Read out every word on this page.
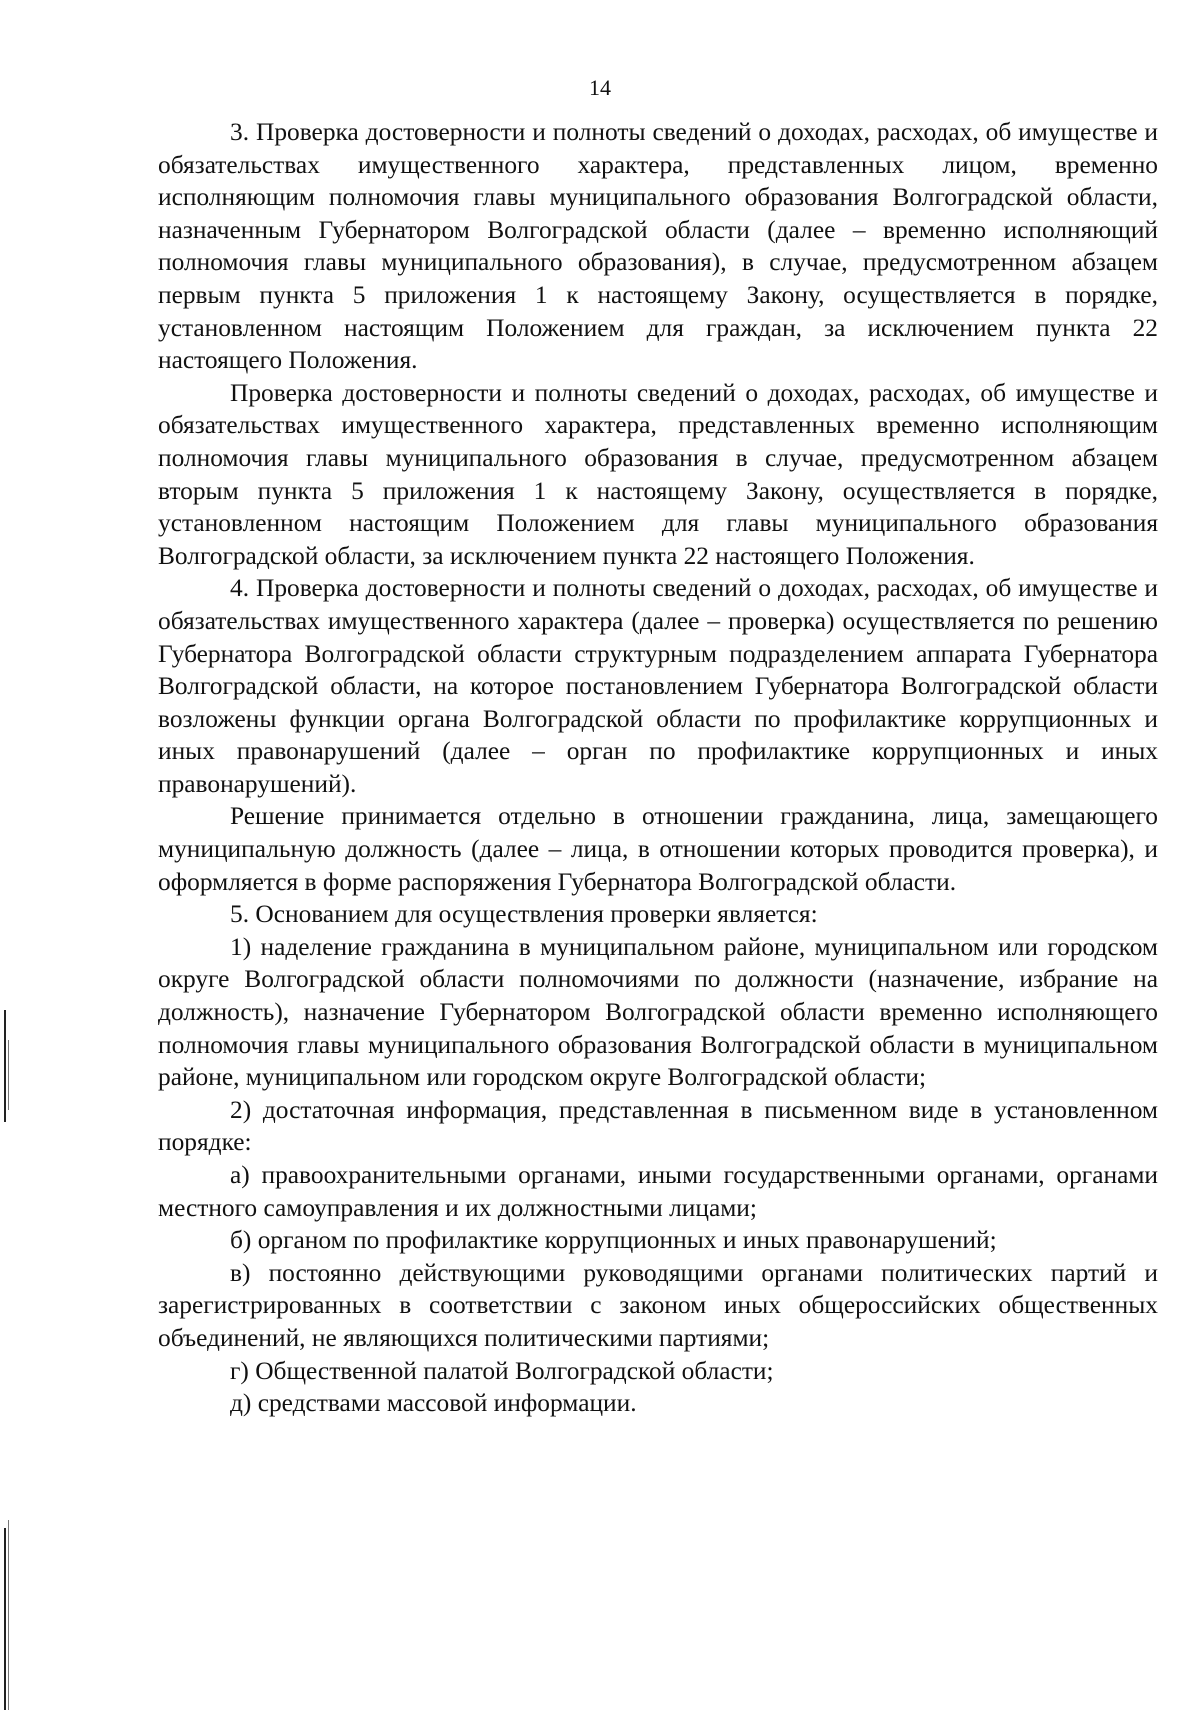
14

3. Проверка достоверности и полноты сведений о доходах, расходах, об имуществе и обязательствах имущественного характера, представленных лицом, временно исполняющим полномочия главы муниципального образования Волгоградской области, назначенным Губернатором Волгоградской области (далее – временно исполняющий полномочия главы муниципального образования), в случае, предусмотренном абзацем первым пункта 5 приложения 1 к настоящему Закону, осуществляется в порядке, установленном настоящим Положением для граждан, за исключением пункта 22 настоящего Положения.

Проверка достоверности и полноты сведений о доходах, расходах, об имуществе и обязательствах имущественного характера, представленных временно исполняющим полномочия главы муниципального образования в случае, предусмотренном абзацем вторым пункта 5 приложения 1 к настоящему Закону, осуществляется в порядке, установленном настоящим Положением для главы муниципального образования Волгоградской области, за исключением пункта 22 настоящего Положения.

4. Проверка достоверности и полноты сведений о доходах, расходах, об имуществе и обязательствах имущественного характера (далее – проверка) осуществляется по решению Губернатора Волгоградской области структурным подразделением аппарата Губернатора Волгоградской области, на которое постановлением Губернатора Волгоградской области возложены функции органа Волгоградской области по профилактике коррупционных и иных правонарушений (далее – орган по профилактике коррупционных и иных правонарушений).

Решение принимается отдельно в отношении гражданина, лица, замещающего муниципальную должность (далее – лица, в отношении которых проводится проверка), и оформляется в форме распоряжения Губернатора Волгоградской области.

5. Основанием для осуществления проверки является:

1) наделение гражданина в муниципальном районе, муниципальном или городском округе Волгоградской области полномочиями по должности (назначение, избрание на должность), назначение Губернатором Волгоградской области временно исполняющего полномочия главы муниципального образования Волгоградской области в муниципальном районе, муниципальном или городском округе Волгоградской области;

2) достаточная информация, представленная в письменном виде в установленном порядке:

а) правоохранительными органами, иными государственными органами, органами местного самоуправления и их должностными лицами;

б) органом по профилактике коррупционных и иных правонарушений;

в) постоянно действующими руководящими органами политических партий и зарегистрированных в соответствии с законом иных общероссийских общественных объединений, не являющихся политическими партиями;

г) Общественной палатой Волгоградской области;

д) средствами массовой информации.
